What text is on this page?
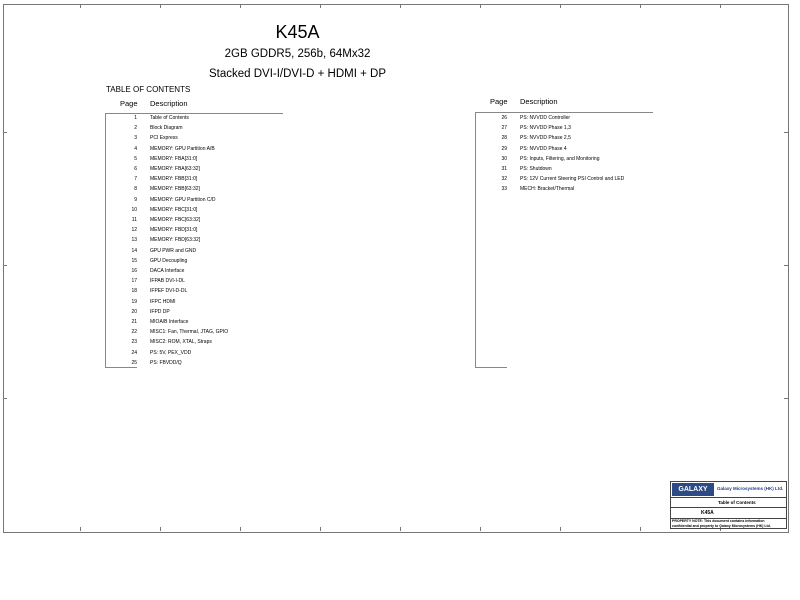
K45A
2GB GDDR5, 256b, 64Mx32
Stacked DVI-I/DVI-D + HDMI + DP
TABLE OF CONTENTS
Page Description	Page Description
1	Table of Contents
2	Block Diagram
3	PCI Express
4	MEMORY: GPU Partition A/B
5	MEMORY: FBA[31:0]
6	MEMORY: FBA[63:32]
7	MEMORY: FBB[31:0]
8	MEMORY: FBB[63:32]
9	MEMORY: GPU Partition C/D
10	MEMORY: FBC[31:0]
11	MEMORY: FBC[63:32]
12	MEMORY: FBD[31:0]
13	MEMORY: FBD[63:32]
14	GPU PWR and GND
15	GPU Decoupling
16	DACA Interface
17	IFPAB DVI-I-DL
18	IFPEF DVI-D-DL
19	IFPC HDMI
20	IFPD DP
21	MIOA/B Interface
22	MISC1: Fan, Thermal, JTAG, GPIO
23	MISC2: ROM, XTAL, Straps
24	PS: 5V, PEX_VDD
25	PS: FBVDD/Q
26	PS: NVVDD Controller
27	PS: NVVDD Phase 1,3
28	PS: NVVDD Phase 2,5
29	PS: NVVDD Phase 4
30	PS: Inputs, Filtering, and Monitoring
31	PS: Shutdown
32	PS: 12V Current Steering PSI Control and LED
33	MECH: Bracket/Thermal
GALAXY	Galaxy Microsystems (HK) Ltd.
Table of Contents
K45A
PROPERTY NOTE: This document contains information confidential and property to Galaxy Microsystems (HK) Ltd.
